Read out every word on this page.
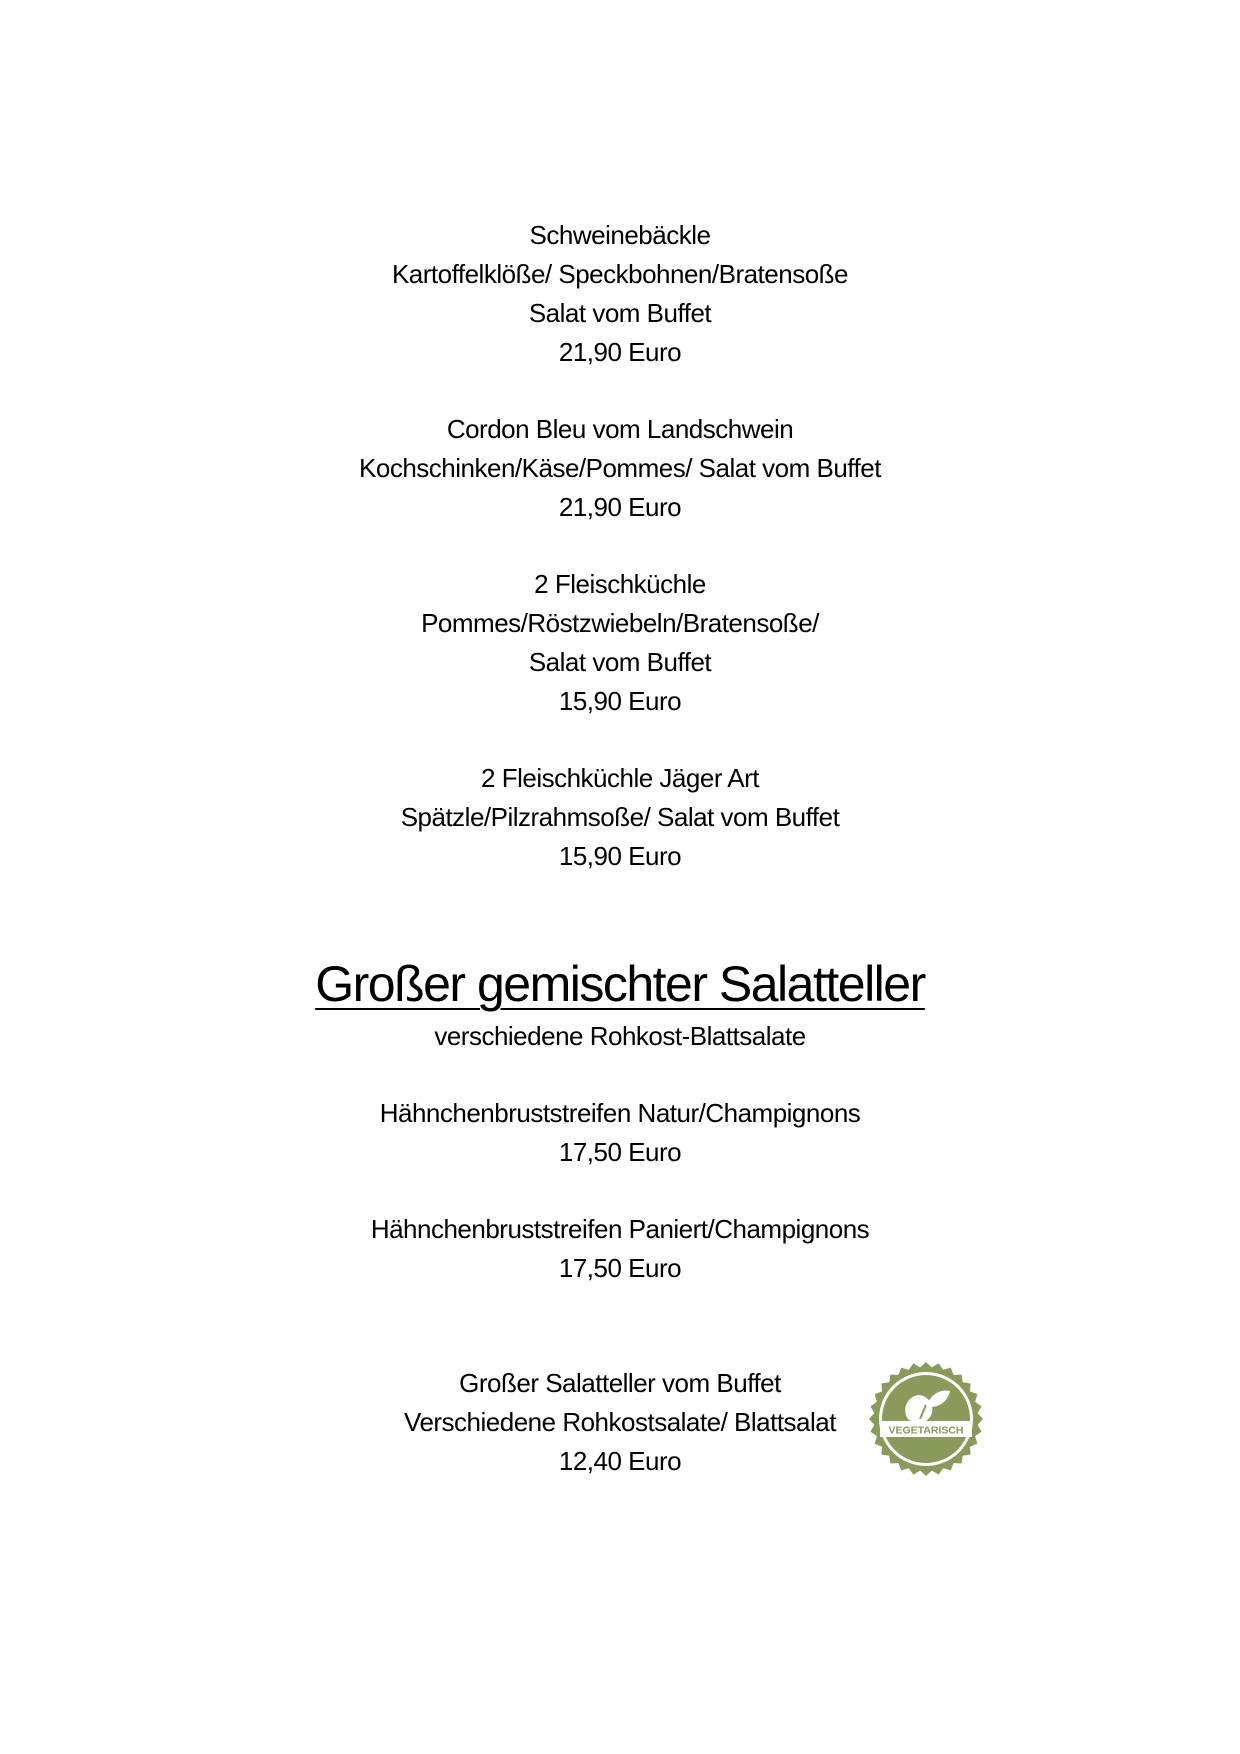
Schweinebäckle
Kartoffelklöße/ Speckbohnen/Bratensoße
Salat vom Buffet
21,90 Euro
Cordon Bleu vom Landschwein
Kochschinken/Käse/Pommes/ Salat vom Buffet
21,90 Euro
2 Fleischküchle
Pommes/Röstzwiebeln/Bratensoße/
Salat vom Buffet
15,90 Euro
2 Fleischküchle Jäger Art
Spätzle/Pilzrahmsoße/ Salat vom Buffet
15,90 Euro
Großer gemischter Salatteller
verschiedene Rohkost-Blattsalate
Hähnchenbruststreifen Natur/Champignons
17,50 Euro
Hähnchenbruststreifen Paniert/Champignons
17,50 Euro
Großer Salatteller vom Buffet
Verschiedene Rohkostsalate/ Blattsalat
12,40 Euro
VEGETARISCH
